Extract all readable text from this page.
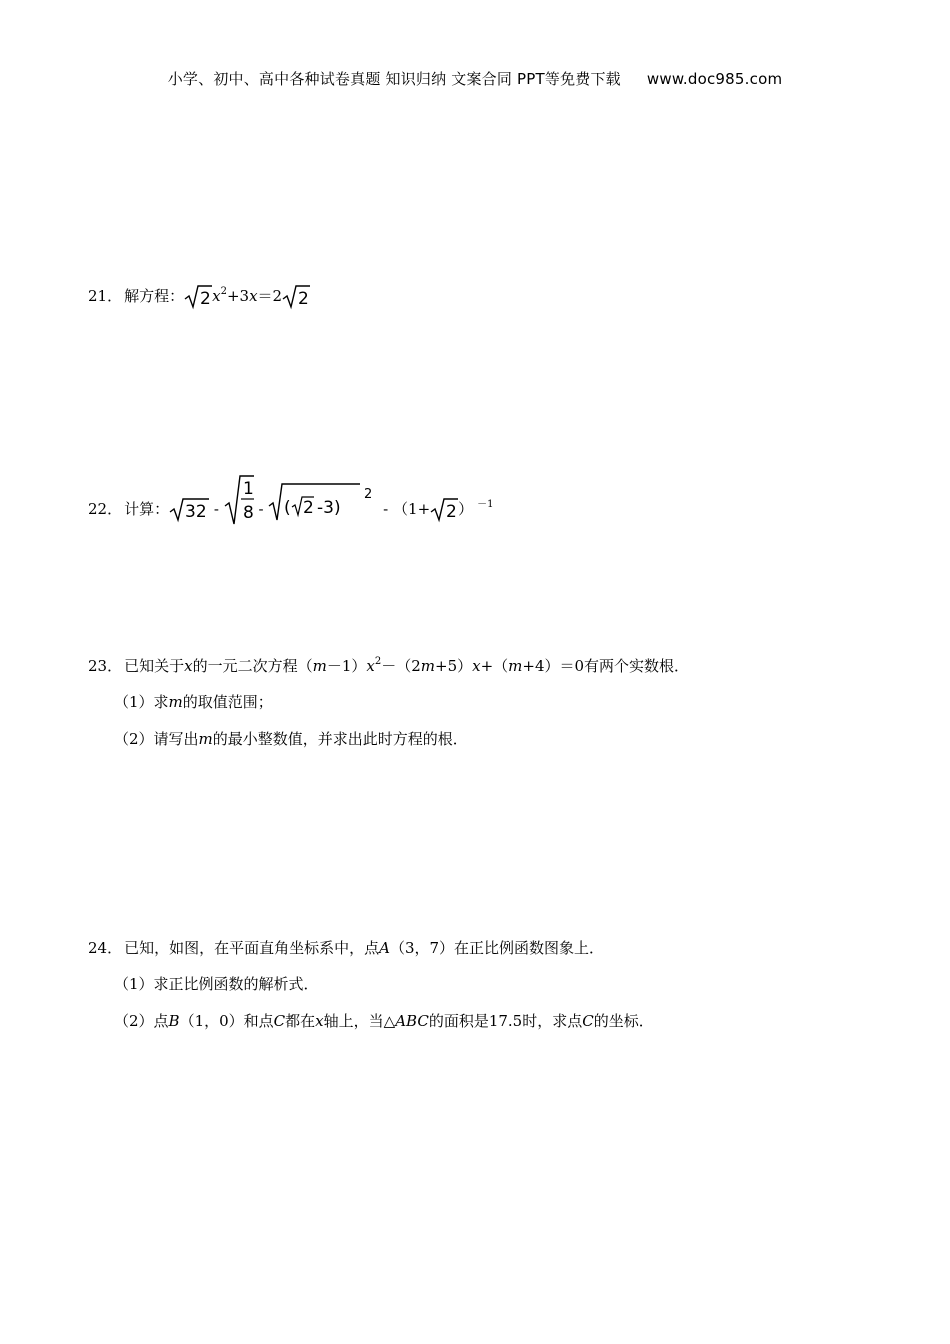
小学、初中、高中各种试卷真题 知识归纳 文案合同 PPT等免费下载 www.doc985.com
21． 解方程： 2 $x^2+3x=2$ 2
22． 计算： 32 -
1
8 - ( 2 -3)
2
- （1+ 2 ） $^{-1}$
23． 已知关于x的一元二次方程$(m-1)x^2-(2m+5)x+(m+4)=0$有两个实数根．
（1）求m的取值范围；
（2）请写出m的最小整数值，并求出此时方程的根．
24． 已知，如图，在平面直角坐标系中，点A（3，7）在正比例函数图象上．
（1）求正比例函数的解析式．
（2）点B（1，0）和点C都在x轴上，当△ABC的面积是17.5时，求点C的坐标．
